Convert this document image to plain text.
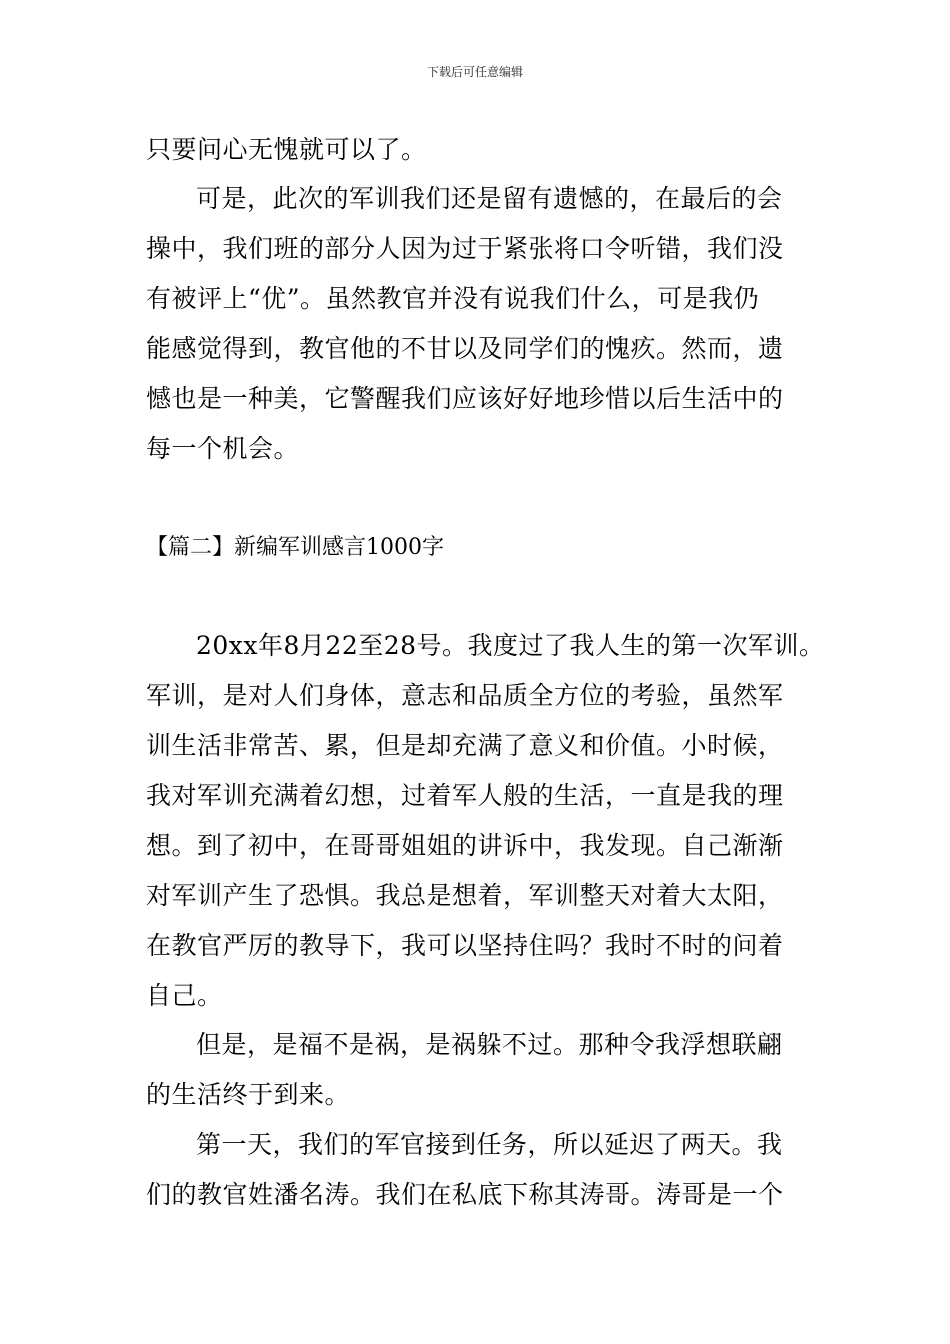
下载后可任意编辑
只要问心无愧就可以了。
可是，此次的军训我们还是留有遗憾的，在最后的会
操中，我们班的部分人因为过于紧张将口令听错，我们没
有被评上“优”。虽然教官并没有说我们什么，可是我仍
能感觉得到，教官他的不甘以及同学们的愧疚。然而，遗
憾也是一种美，它警醒我们应该好好地珍惜以后生活中的
每一个机会。
【篇二】新编军训感言1000字
20xx年8月22至28号。我度过了我人生的第一次军训。
军训，是对人们身体，意志和品质全方位的考验，虽然军
训生活非常苦、累，但是却充满了意义和价值。小时候，
我对军训充满着幻想，过着军人般的生活，一直是我的理
想。到了初中，在哥哥姐姐的讲诉中，我发现。自己渐渐
对军训产生了恐惧。我总是想着，军训整天对着大太阳，
在教官严厉的教导下，我可以坚持住吗？我时不时的问着
自己。
但是，是福不是祸，是祸躲不过。那种令我浮想联翩
的生活终于到来。
第一天，我们的军官接到任务，所以延迟了两天。我
们的教官姓潘名涛。我们在私底下称其涛哥。涛哥是一个
